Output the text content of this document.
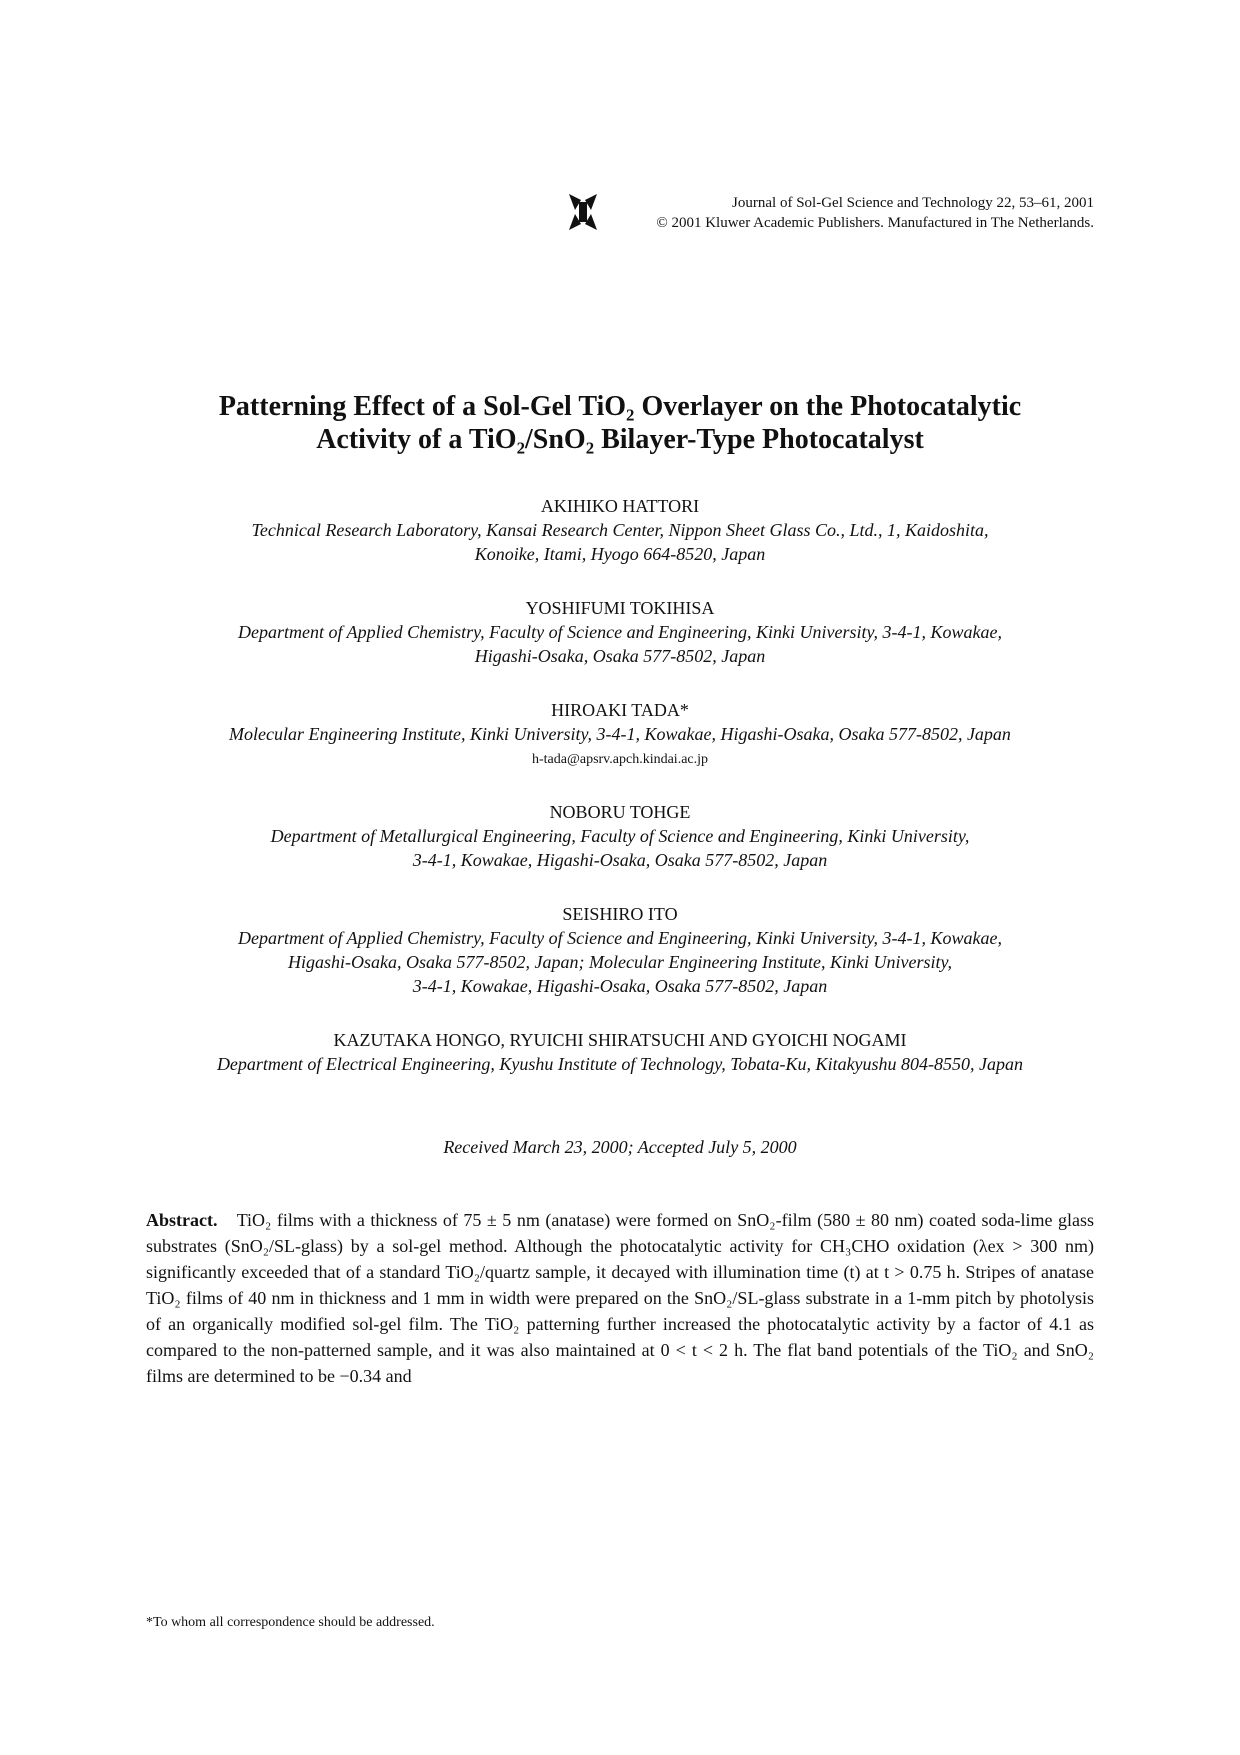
Journal of Sol-Gel Science and Technology 22, 53–61, 2001
© 2001 Kluwer Academic Publishers. Manufactured in The Netherlands.
Patterning Effect of a Sol-Gel TiO₂ Overlayer on the Photocatalytic
Activity of a TiO₂/SnO₂ Bilayer-Type Photocatalyst
AKIHIKO HATTORI
Technical Research Laboratory, Kansai Research Center, Nippon Sheet Glass Co., Ltd., 1, Kaidoshita,
Konoike, Itami, Hyogo 664-8520, Japan
YOSHIFUMI TOKIHISA
Department of Applied Chemistry, Faculty of Science and Engineering, Kinki University, 3-4-1, Kowakae,
Higashi-Osaka, Osaka 577-8502, Japan
HIROAKI TADA*
Molecular Engineering Institute, Kinki University, 3-4-1, Kowakae, Higashi-Osaka, Osaka 577-8502, Japan
h-tada@apsrv.apch.kindai.ac.jp
NOBORU TOHGE
Department of Metallurgical Engineering, Faculty of Science and Engineering, Kinki University,
3-4-1, Kowakae, Higashi-Osaka, Osaka 577-8502, Japan
SEISHIRO ITO
Department of Applied Chemistry, Faculty of Science and Engineering, Kinki University, 3-4-1, Kowakae,
Higashi-Osaka, Osaka 577-8502, Japan; Molecular Engineering Institute, Kinki University,
3-4-1, Kowakae, Higashi-Osaka, Osaka 577-8502, Japan
KAZUTAKA HONGO, RYUICHI SHIRATSUCHI AND GYOICHI NOGAMI
Department of Electrical Engineering, Kyushu Institute of Technology, Tobata-Ku, Kitakyushu 804-8550, Japan
Received March 23, 2000; Accepted July 5, 2000
Abstract. TiO₂ films with a thickness of 75 ± 5 nm (anatase) were formed on SnO₂-film (580 ± 80 nm) coated soda-lime glass substrates (SnO₂/SL-glass) by a sol-gel method. Although the photocatalytic activity for CH₃CHO oxidation (λex > 300 nm) significantly exceeded that of a standard TiO₂/quartz sample, it decayed with illumination time (t) at t > 0.75 h. Stripes of anatase TiO₂ films of 40 nm in thickness and 1 mm in width were prepared on the SnO₂/SL-glass substrate in a 1-mm pitch by photolysis of an organically modified sol-gel film. The TiO₂ patterning further increased the photocatalytic activity by a factor of 4.1 as compared to the non-patterned sample, and it was also maintained at 0 < t < 2 h. The flat band potentials of the TiO₂ and SnO₂ films are determined to be −0.34 and
*To whom all correspondence should be addressed.
